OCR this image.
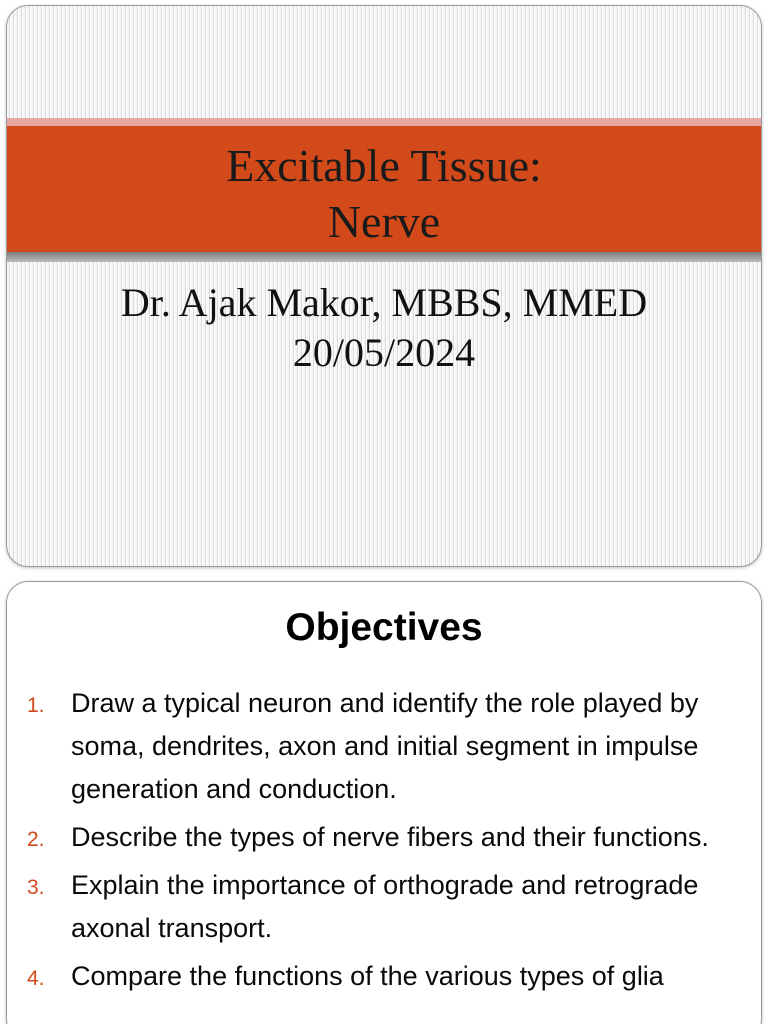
Excitable Tissue:
Nerve
Dr. Ajak Makor, MBBS, MMED
20/05/2024
Objectives
1. Draw a typical neuron and identify the role played by soma, dendrites, axon and initial segment in impulse generation and conduction.
2. Describe the types of nerve fibers and their functions.
3. Explain the importance of orthograde and retrograde axonal transport.
4. Compare the functions of the various types of glia
